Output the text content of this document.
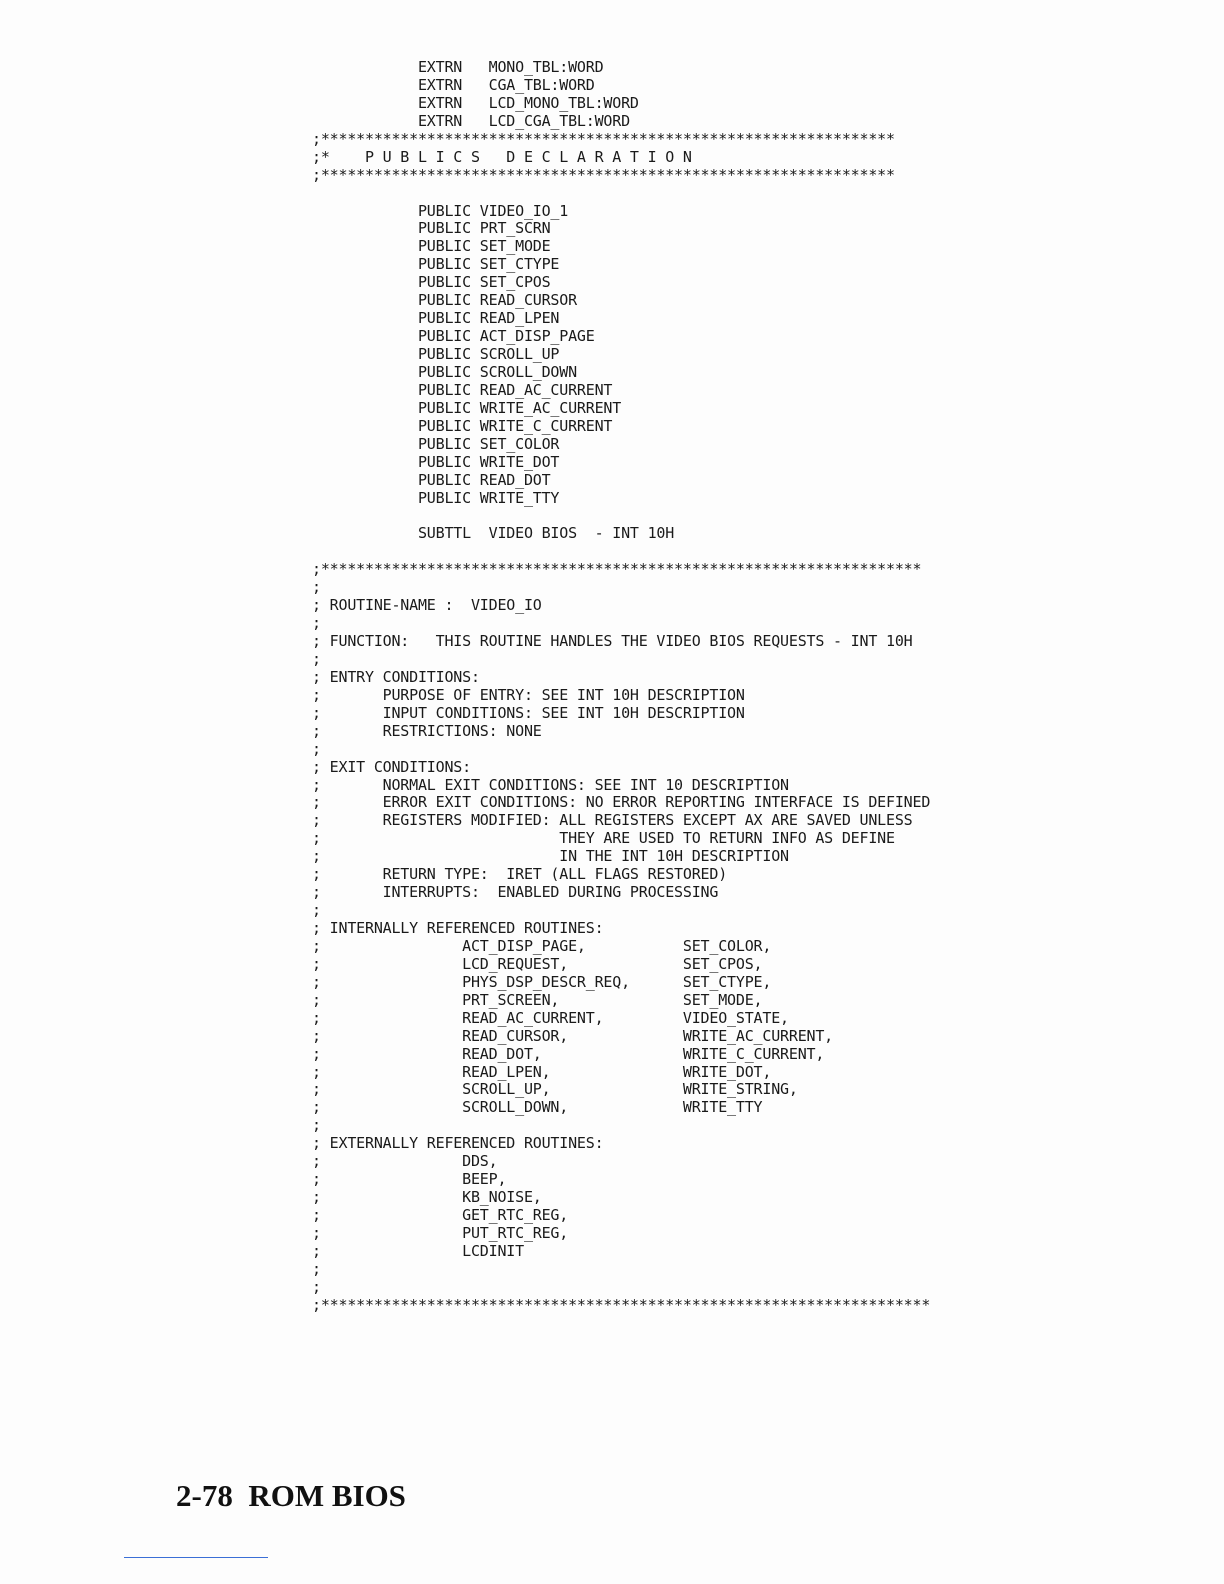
EXTRN   MONO_TBL:WORD
EXTRN   CGA_TBL:WORD
EXTRN   LCD_MONO_TBL:WORD
EXTRN   LCD_CGA_TBL:WORD
;*****************************************************************
;*    P U B L I C S   D E C L A R A T I O N
;*****************************************************************
PUBLIC VIDEO_IO_1
PUBLIC PRT_SCRN
PUBLIC SET_MODE
PUBLIC SET_CTYPE
PUBLIC SET_CPOS
PUBLIC READ_CURSOR
PUBLIC READ_LPEN
PUBLIC ACT_DISP_PAGE
PUBLIC SCROLL_UP
PUBLIC SCROLL_DOWN
PUBLIC READ_AC_CURRENT
PUBLIC WRITE_AC_CURRENT
PUBLIC WRITE_C_CURRENT
PUBLIC SET_COLOR
PUBLIC WRITE_DOT
PUBLIC READ_DOT
PUBLIC WRITE_TTY
SUBTTL  VIDEO BIOS  - INT 10H
;********************************************************************
;
; ROUTINE-NAME :  VIDEO_IO
;
; FUNCTION:   THIS ROUTINE HANDLES THE VIDEO BIOS REQUESTS - INT 10H
;
; ENTRY CONDITIONS:
;       PURPOSE OF ENTRY: SEE INT 10H DESCRIPTION
;       INPUT CONDITIONS: SEE INT 10H DESCRIPTION
;       RESTRICTIONS: NONE
;
; EXIT CONDITIONS:
;       NORMAL EXIT CONDITIONS: SEE INT 10 DESCRIPTION
;       ERROR EXIT CONDITIONS: NO ERROR REPORTING INTERFACE IS DEFINED
;       REGISTERS MODIFIED: ALL REGISTERS EXCEPT AX ARE SAVED UNLESS
;                           THEY ARE USED TO RETURN INFO AS DEFINE
;                           IN THE INT 10H DESCRIPTION
;       RETURN TYPE:  IRET (ALL FLAGS RESTORED)
;       INTERRUPTS:  ENABLED DURING PROCESSING
;
; INTERNALLY REFERENCED ROUTINES:
;                ACT_DISP_PAGE,           SET_COLOR,
;                LCD_REQUEST,             SET_CPOS,
;                PHYS_DSP_DESCR_REQ,      SET_CTYPE,
;                PRT_SCREEN,              SET_MODE,
;                READ_AC_CURRENT,         VIDEO_STATE,
;                READ_CURSOR,             WRITE_AC_CURRENT,
;                READ_DOT,                WRITE_C_CURRENT,
;                READ_LPEN,               WRITE_DOT,
;                SCROLL_UP,               WRITE_STRING,
;                SCROLL_DOWN,             WRITE_TTY
;
; EXTERNALLY REFERENCED ROUTINES:
;                DDS,
;                BEEP,
;                KB_NOISE,
;                GET_RTC_REG,
;                PUT_RTC_REG,
;                LCDINIT
;
;
;*********************************************************************
2-78  ROM BIOS
